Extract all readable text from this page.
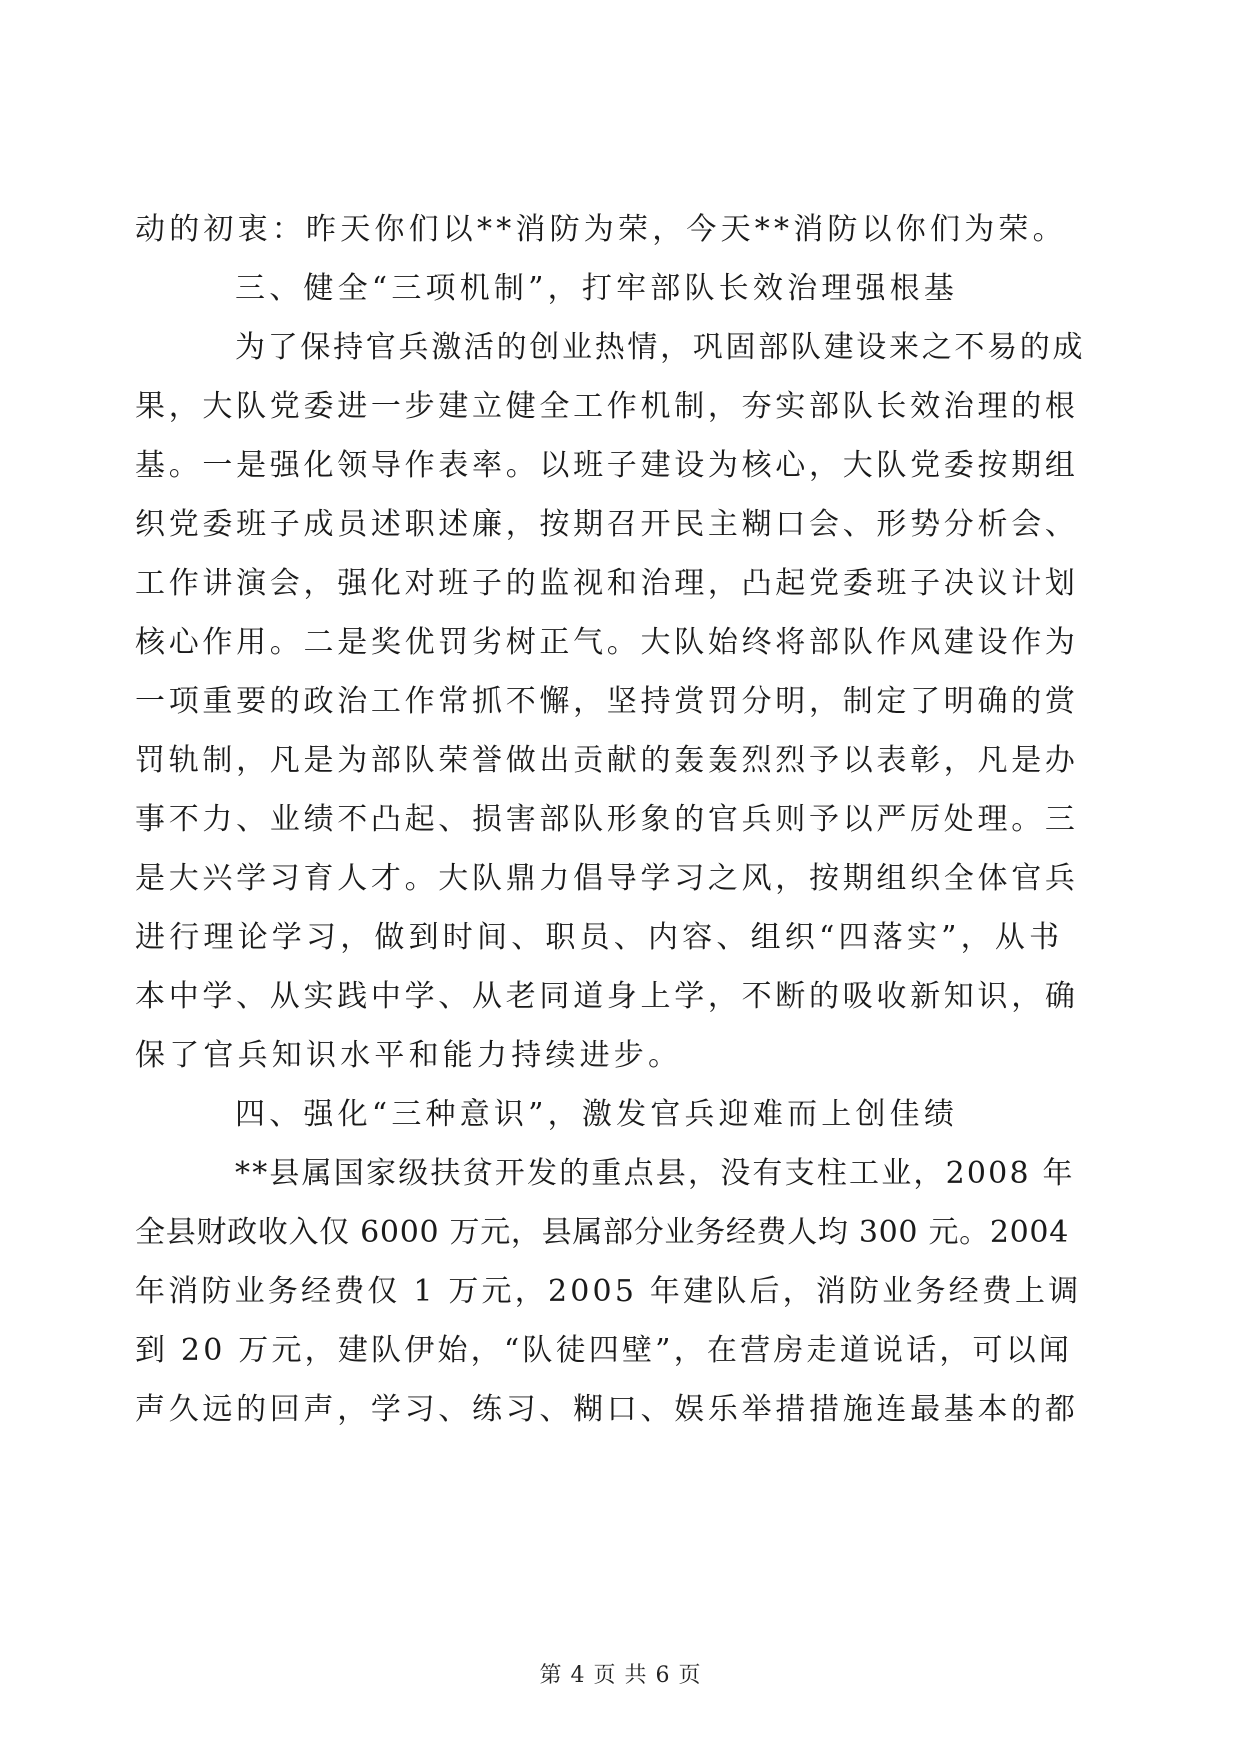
动的初衷：昨天你们以**消防为荣，今天**消防以你们为荣。
三、健全“三项机制”，打牢部队长效治理强根基
为了保持官兵激活的创业热情，巩固部队建设来之不易的成
果，大队党委进一步建立健全工作机制，夯实部队长效治理的根
基。一是强化领导作表率。以班子建设为核心，大队党委按期组
织党委班子成员述职述廉，按期召开民主糊口会、形势分析会、
工作讲演会，强化对班子的监视和治理，凸起党委班子决议计划
核心作用。二是奖优罚劣树正气。大队始终将部队作风建设作为
一项重要的政治工作常抓不懈，坚持赏罚分明，制定了明确的赏
罚轨制，凡是为部队荣誉做出贡献的轰轰烈烈予以表彰，凡是办
事不力、业绩不凸起、损害部队形象的官兵则予以严厉处理。三
是大兴学习育人才。大队鼎力倡导学习之风，按期组织全体官兵
进行理论学习，做到时间、职员、内容、组织“四落实”，从书
本中学、从实践中学、从老同道身上学，不断的吸收新知识，确
保了官兵知识水平和能力持续进步。
四、强化“三种意识”，激发官兵迎难而上创佳绩
**县属国家级扶贫开发的重点县，没有支柱工业，2008 年
全县财政收入仅 6000 万元，县属部分业务经费人均 300 元。2004
年消防业务经费仅 1 万元，2005 年建队后，消防业务经费上调
到 20 万元，建队伊始，“队徒四壁”，在营房走道说话，可以闻
声久远的回声，学习、练习、糊口、娱乐举措措施连最基本的都
第 4 页 共 6 页
